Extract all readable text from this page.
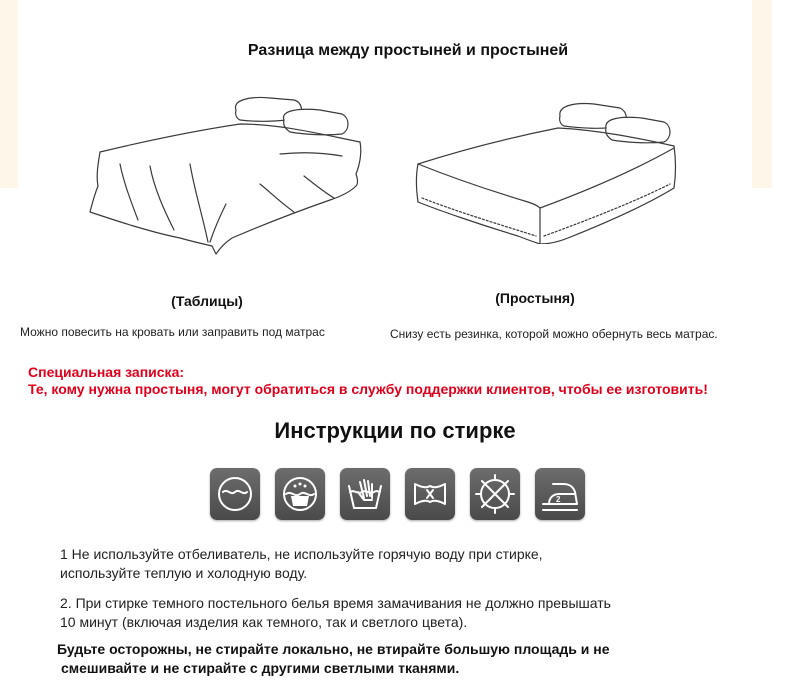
Разница между простыней и простыней
(Таблицы)	(Простыня)
Можно повесить на кровать или заправить под матрас	Снизу есть резинка, которой можно обернуть весь матрас.
Специальная записка:
Те, кому нужна простыня, могут обратиться в службу поддержки клиентов, чтобы ее изготовить!
Инструкции по стирке
2
1 Не используйте отбеливатель, не используйте горячую воду при стирке,
используйте теплую и холодную воду.
2. При стирке темного постельного белья время замачивания не должно превышать
10 минут (включая изделия как темного, так и светлого цвета).
Будьте осторожны, не стирайте локально, не втирайте большую площадь и не
смешивайте и не стирайте с другими светлыми тканями.
